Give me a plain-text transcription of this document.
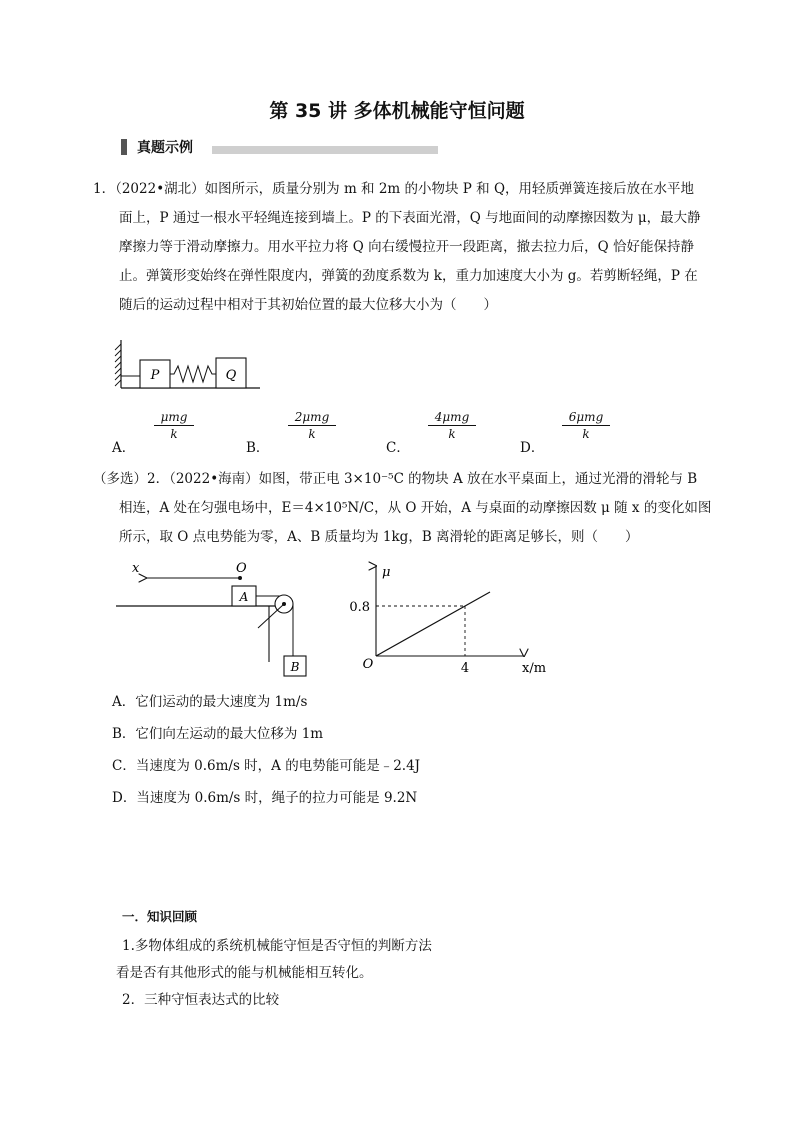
第 35 讲 多体机械能守恒问题
真题示例
1．（2022•湖北）如图所示，质量分别为 m 和 2m 的小物块 P 和 Q，用轻质弹簧连接后放在水平地
面上，P 通过一根水平轻绳连接到墙上。P 的下表面光滑，Q 与地面间的动摩擦因数为 μ，最大静
摩擦力等于滑动摩擦力。用水平拉力将 Q 向右缓慢拉开一段距离，撤去拉力后，Q 恰好能保持静
止。弹簧形变始终在弹性限度内，弹簧的劲度系数为 k，重力加速度大小为 g。若剪断轻绳，P 在
随后的运动过程中相对于其初始位置的最大位移大小为（　　）
P	Q
A．
μmg
k
B．
2μmg
k
C．
4μmg
k
D．
6μmg
k
（多选）2．（2022•海南）如图，带正电 3×10⁻⁵C 的物块 A 放在水平桌面上，通过光滑的滑轮与 B
相连，A 处在匀强电场中，E＝4×10⁵N/C，从 O 开始，A 与桌面的动摩擦因数 μ 随 x 的变化如图
所示，取 O 点电势能为零，A、B 质量均为 1kg，B 离滑轮的距离足够长，则（　　）
x	O
A
B
μ
x/m
O
0.8
4
A．它们运动的最大速度为 1m/s
B．它们向左运动的最大位移为 1m
C．当速度为 0.6m/s 时，A 的电势能可能是﹣2.4J
D．当速度为 0.6m/s 时，绳子的拉力可能是 9.2N
一．知识回顾
1.多物体组成的系统机械能守恒是否守恒的判断方法
看是否有其他形式的能与机械能相互转化。
2．三种守恒表达式的比较
